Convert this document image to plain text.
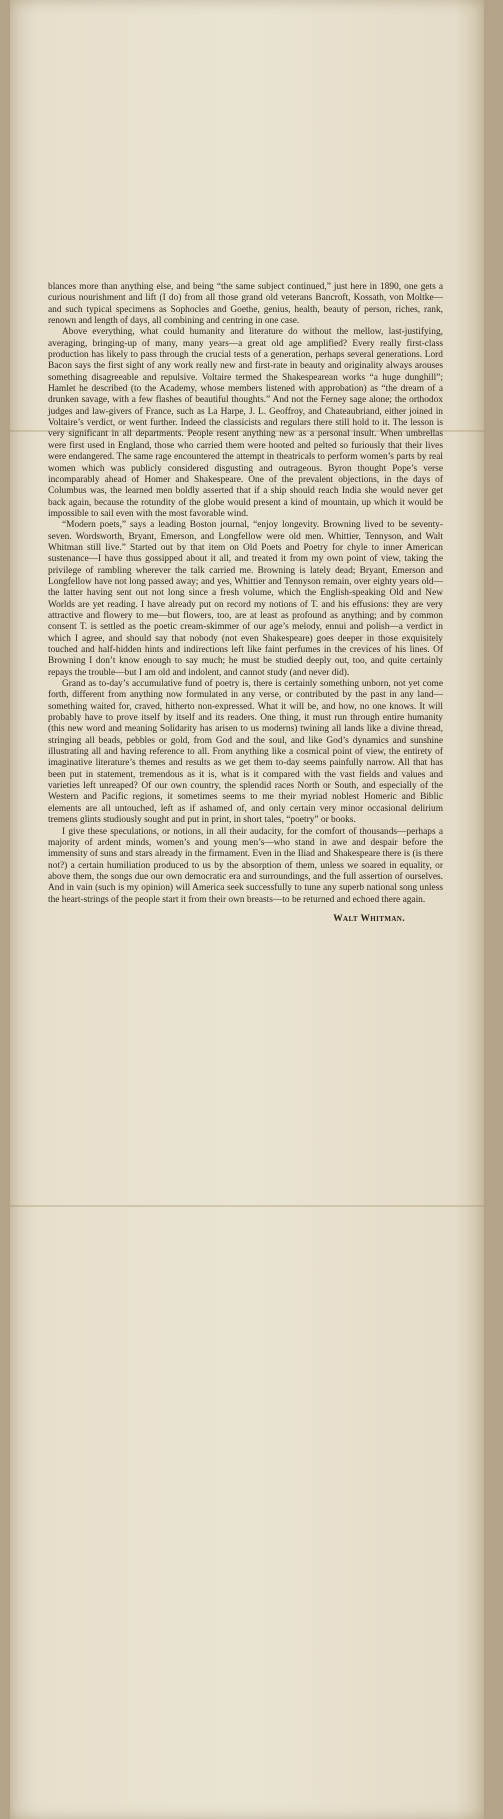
blances more than anything else, and being “the same subject continued,” just here in 1890, one gets a curious nourishment and lift (I do) from all those grand old veterans Bancroft, Kossath, von Moltke—and such typical specimens as Sophocles and Goethe, genius, health, beauty of person, riches, rank, renown and length of days, all combining and centring in one case.

Above everything, what could humanity and literature do without the mellow, last-justifying, averaging, bringing-up of many, many years—a great old age amplified? Every really first-class production has likely to pass through the crucial tests of a generation, perhaps several generations. Lord Bacon says the first sight of any work really new and first-rate in beauty and originality always arouses something disagreeable and repulsive. Voltaire termed the Shakespearean works “a huge dunghill”; Hamlet he described (to the Academy, whose members listened with approbation) as “the dream of a drunken savage, with a few flashes of beautiful thoughts.” And not the Ferney sage alone; the orthodox judges and law-givers of France, such as La Harpe, J. L. Geoffroy, and Chateaubriand, either joined in Voltaire’s verdict, or went further. Indeed the classicists and regulars there still hold to it. The lesson is very significant in all departments. People resent anything new as a personal insult. When umbrellas were first used in England, those who carried them were hooted and pelted so furiously that their lives were endangered. The same rage encountered the attempt in theatricals to perform women’s parts by real women which was publicly considered disgusting and outrageous. Byron thought Pope’s verse incomparably ahead of Homer and Shakespeare. One of the prevalent objections, in the days of Columbus was, the learned men boldly asserted that if a ship should reach India she would never get back again, because the rotundity of the globe would present a kind of mountain, up which it would be impossible to sail even with the most favorable wind.

“Modern poets,” says a leading Boston journal, “enjoy longevity. Browning lived to be seventy-seven. Wordsworth, Bryant, Emerson, and Longfellow were old men. Whittier, Tennyson, and Walt Whitman still live.” Started out by that item on Old Poets and Poetry for chyle to inner American sustenance—I have thus gossipped about it all, and treated it from my own point of view, taking the privilege of rambling wherever the talk carried me. Browning is lately dead; Bryant, Emerson and Longfellow have not long passed away; and yes, Whittier and Tennyson remain, over eighty years old—the latter having sent out not long since a fresh volume, which the English-speaking Old and New Worlds are yet reading. I have already put on record my notions of T. and his effusions: they are very attractive and flowery to me—but flowers, too, are at least as profound as anything; and by common consent T. is settled as the poetic cream-skimmer of our age’s melody, ennui and polish—a verdict in which I agree, and should say that nobody (not even Shakespeare) goes deeper in those exquisitely touched and half-hidden hints and indirections left like faint perfumes in the crevices of his lines. Of Browning I don’t know enough to say much; he must be studied deeply out, too, and quite certainly repays the trouble—but I am old and indolent, and cannot study (and never did).

Grand as to-day’s accumulative fund of poetry is, there is certainly something unborn, not yet come forth, different from anything now formulated in any verse, or contributed by the past in any land—something waited for, craved, hitherto non-expressed. What it will be, and how, no one knows. It will probably have to prove itself by itself and its readers. One thing, it must run through entire humanity (this new word and meaning Solidarity has arisen to us moderns) twining all lands like a divine thread, stringing all beads, pebbles or gold, from God and the soul, and like God’s dynamics and sunshine illustrating all and having reference to all. From anything like a cosmical point of view, the entirety of imaginative literature’s themes and results as we get them to-day seems painfully narrow. All that has been put in statement, tremendous as it is, what is it compared with the vast fields and values and varieties left unreaped? Of our own country, the splendid races North or South, and especially of the Western and Pacific regions, it sometimes seems to me their myriad noblest Homeric and Biblic elements are all untouched, left as if ashamed of, and only certain very minor occasional delirium tremens glints studiously sought and put in print, in short tales, “poetry” or books.

I give these speculations, or notions, in all their audacity, for the comfort of thousands—perhaps a majority of ardent minds, women’s and young men’s—who stand in awe and despair before the immensity of suns and stars already in the firmament. Even in the Iliad and Shakespeare there is (is there not?) a certain humiliation produced to us by the absorption of them, unless we soared in equality, or above them, the songs due our own democratic era and surroundings, and the full assertion of ourselves. And in vain (such is my opinion) will America seek successfully to tune any superb national song unless the heart-strings of the people start it from their own breasts—to be returned and echoed there again.

Walt Whitman.
